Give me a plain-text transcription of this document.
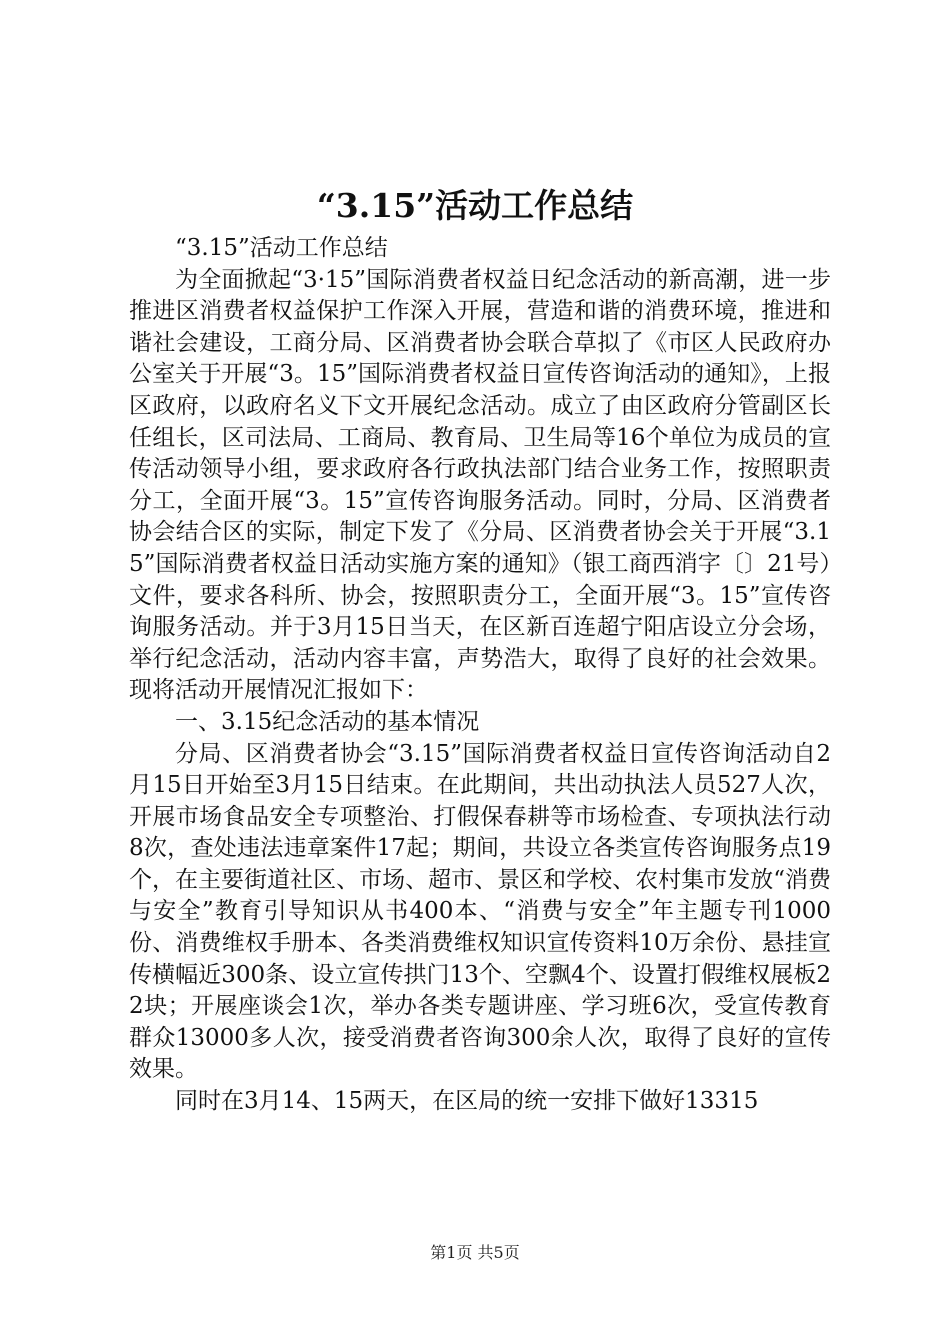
“3.15”活动工作总结

“3.15”活动工作总结

为全面掀起“3·15”国际消费者权益日纪念活动的新高潮，进一步推进区消费者权益保护工作深入开展，营造和谐的消费环境，推进和谐社会建设，工商分局、区消费者协会联合草拟了《市区人民政府办公室关于开展“3。15”国际消费者权益日宣传咨询活动的通知》，上报区政府，以政府名义下文开展纪念活动。成立了由区政府分管副区长任组长，区司法局、工商局、教育局、卫生局等16个单位为成员的宣传活动领导小组，要求政府各行政执法部门结合业务工作，按照职责分工，全面开展“3。15”宣传咨询服务活动。同时，分局、区消费者协会结合区的实际，制定下发了《分局、区消费者协会关于开展“3.15”国际消费者权益日活动实施方案的通知》（银工商西消字〔〕21号）文件，要求各科所、协会，按照职责分工，全面开展“3。15”宣传咨询服务活动。并于3月15日当天，在区新百连超宁阳店设立分会场，举行纪念活动，活动内容丰富，声势浩大，取得了良好的社会效果。现将活动开展情况汇报如下：

一、3.15纪念活动的基本情况

分局、区消费者协会“3.15”国际消费者权益日宣传咨询活动自2月15日开始至3月15日结束。在此期间，共出动执法人员527人次，开展市场食品安全专项整治、打假保春耕等市场检查、专项执法行动8次，查处违法违章案件17起；期间，共设立各类宣传咨询服务点19个，在主要街道社区、市场、超市、景区和学校、农村集市发放“消费与安全”教育引导知识从书400本、“消费与安全”年主题专刊1000份、消费维权手册本、各类消费维权知识宣传资料10万余份、悬挂宣传横幅近300条、设立宣传拱门13个、空飘4个、设置打假维权展板22块；开展座谈会1次，举办各类专题讲座、学习班6次，受宣传教育群众13000多人次，接受消费者咨询300余人次，取得了良好的宣传效果。

同时在3月14、15两天，在区局的统一安排下做好13315

第1页 共5页
